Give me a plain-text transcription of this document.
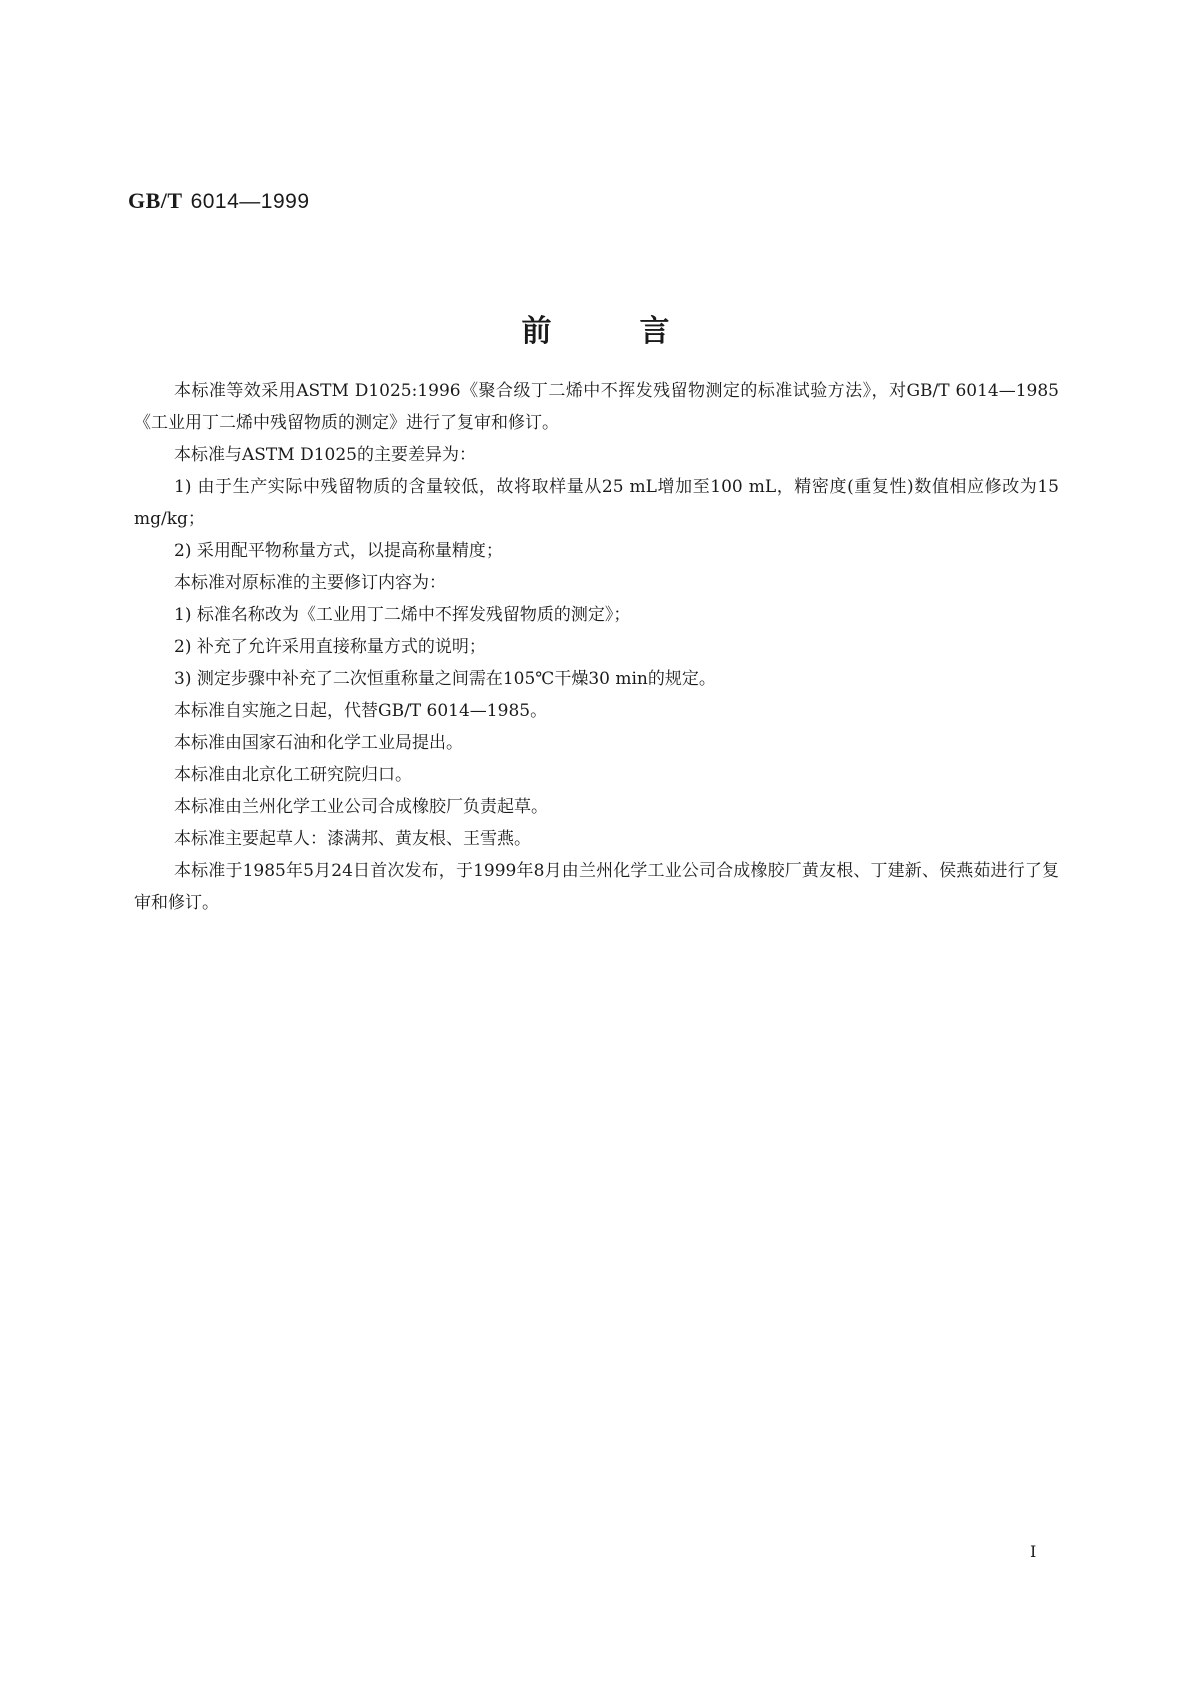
GB/T 6014—1999
前言

本标准等效采用ASTM D1025:1996《聚合级丁二烯中不挥发残留物测定的标准试验方法》，对GB/T 6014—1985《工业用丁二烯中残留物质的测定》进行了复审和修订。

本标准与ASTM D1025的主要差异为：

1) 由于生产实际中残留物质的含量较低，故将取样量从25 mL增加至100 mL，精密度(重复性)数值相应修改为15 mg/kg；

2) 采用配平物称量方式，以提高称量精度；

本标准对原标准的主要修订内容为：

1) 标准名称改为《工业用丁二烯中不挥发残留物质的测定》；

2) 补充了允许采用直接称量方式的说明；

3) 测定步骤中补充了二次恒重称量之间需在105℃干燥30 min的规定。

本标准自实施之日起，代替GB/T 6014—1985。

本标准由国家石油和化学工业局提出。

本标准由北京化工研究院归口。

本标准由兰州化学工业公司合成橡胶厂负责起草。

本标准主要起草人：漆满邦、黄友根、王雪燕。

本标准于1985年5月24日首次发布，于1999年8月由兰州化学工业公司合成橡胶厂黄友根、丁建新、侯燕茹进行了复审和修订。

I
